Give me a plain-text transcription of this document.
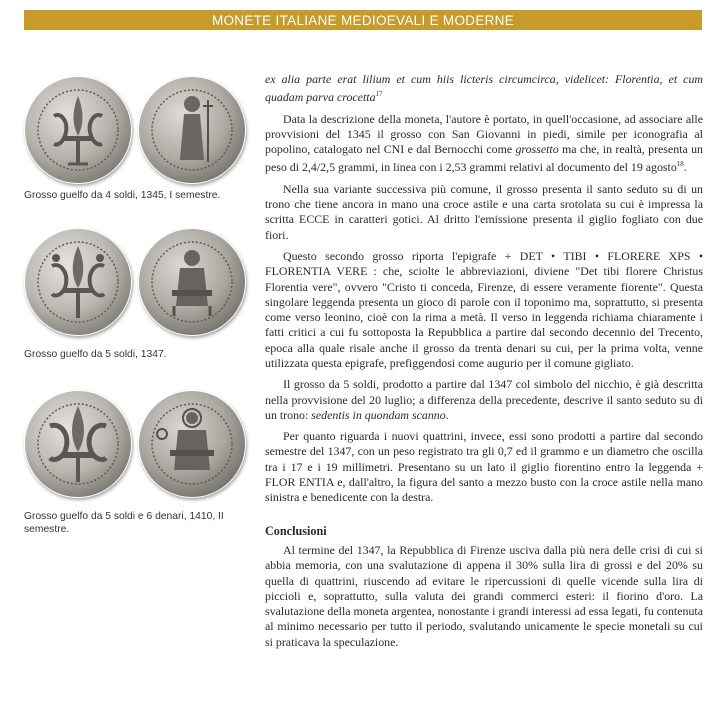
MONETE ITALIANE MEDIOEVALI E MODERNE
Grosso guelfo da 4 soldi, 1345, I semestre.
Grosso guelfo da 5 soldi, 1347.
Grosso guelfo da 5 soldi e 6 denari, 1410, II semestre.

ex alia parte erat lilium et cum hiis licteris circumcirca, videlicet: Florentia, et cum quadam parva crocetta$^{17}$

Data la descrizione della moneta, l'autore è portato, in quell'occasione, ad associare alle provvisioni del 1345 il grosso con San Giovanni in piedi, simile per iconografia al popolino, catalogato nel CNI e dal Bernocchi come grossetto ma che, in realtà, presenta un peso di 2,4/2,5 grammi, in linea con i 2,53 grammi relativi al documento del 19 agosto$^{18}$.

Nella sua variante successiva più comune, il grosso presenta il santo seduto su di un trono che tiene ancora in mano una croce astile e una carta srotolata su cui è impressa la scritta ECCE in caratteri gotici. Al dritto l'emissione presenta il giglio fogliato con due fiori.

Questo secondo grosso riporta l'epigrafe + DET • TIBI • FLORERE XPS • FLORENTIA VERE : che, sciolte le abbreviazioni, diviene "Det tibi florere Christus Florentia vere", ovvero "Cristo ti conceda, Firenze, di essere veramente fiorente". Questa singolare leggenda presenta un gioco di parole con il toponimo ma, soprattutto, si presenta come verso leonino, cioè con la rima a metà. Il verso in leggenda richiama chiaramente i fatti critici a cui fu sottoposta la Repubblica a partire dal secondo decennio del Trecento, epoca alla quale risale anche il grosso da trenta denari su cui, per la prima volta, venne utilizzata questa epigrafe, prefiggendosi come augurio per il comune gigliato.

Il grosso da 5 soldi, prodotto a partire dal 1347 col simbolo del nicchio, è già descritta nella provvisione del 20 luglio; a differenza della precedente, descrive il santo seduto su di un trono: sedentis in quondam scanno.

Per quanto riguarda i nuovi quattrini, invece, essi sono prodotti a partire dal secondo semestre del 1347, con un peso registrato tra gli 0,7 ed il grammo e un diametro che oscilla tra i 17 e i 19 millimetri. Presentano su un lato il giglio fiorentino entro la leggenda + FLOR ENTIA e, dall'altro, la figura del santo a mezzo busto con la croce astile nella mano sinistra e benedicente con la destra.

Conclusioni

Al termine del 1347, la Repubblica di Firenze usciva dalla più nera delle crisi di cui si abbia memoria, con una svalutazione di appena il 30% sulla lira di grossi e del 20% su quella di quattrini, riuscendo ad evitare le ripercussioni di quelle vicende sulla lira di piccioli e, soprattutto, sulla valuta dei grandi commerci esteri: il fiorino d'oro. La svalutazione della moneta argentea, nonostante i grandi interessi ad essa legati, fu contenuta al minimo necessario per tutto il periodo, svalutando unicamente le specie monetali su cui si praticava la speculazione.
